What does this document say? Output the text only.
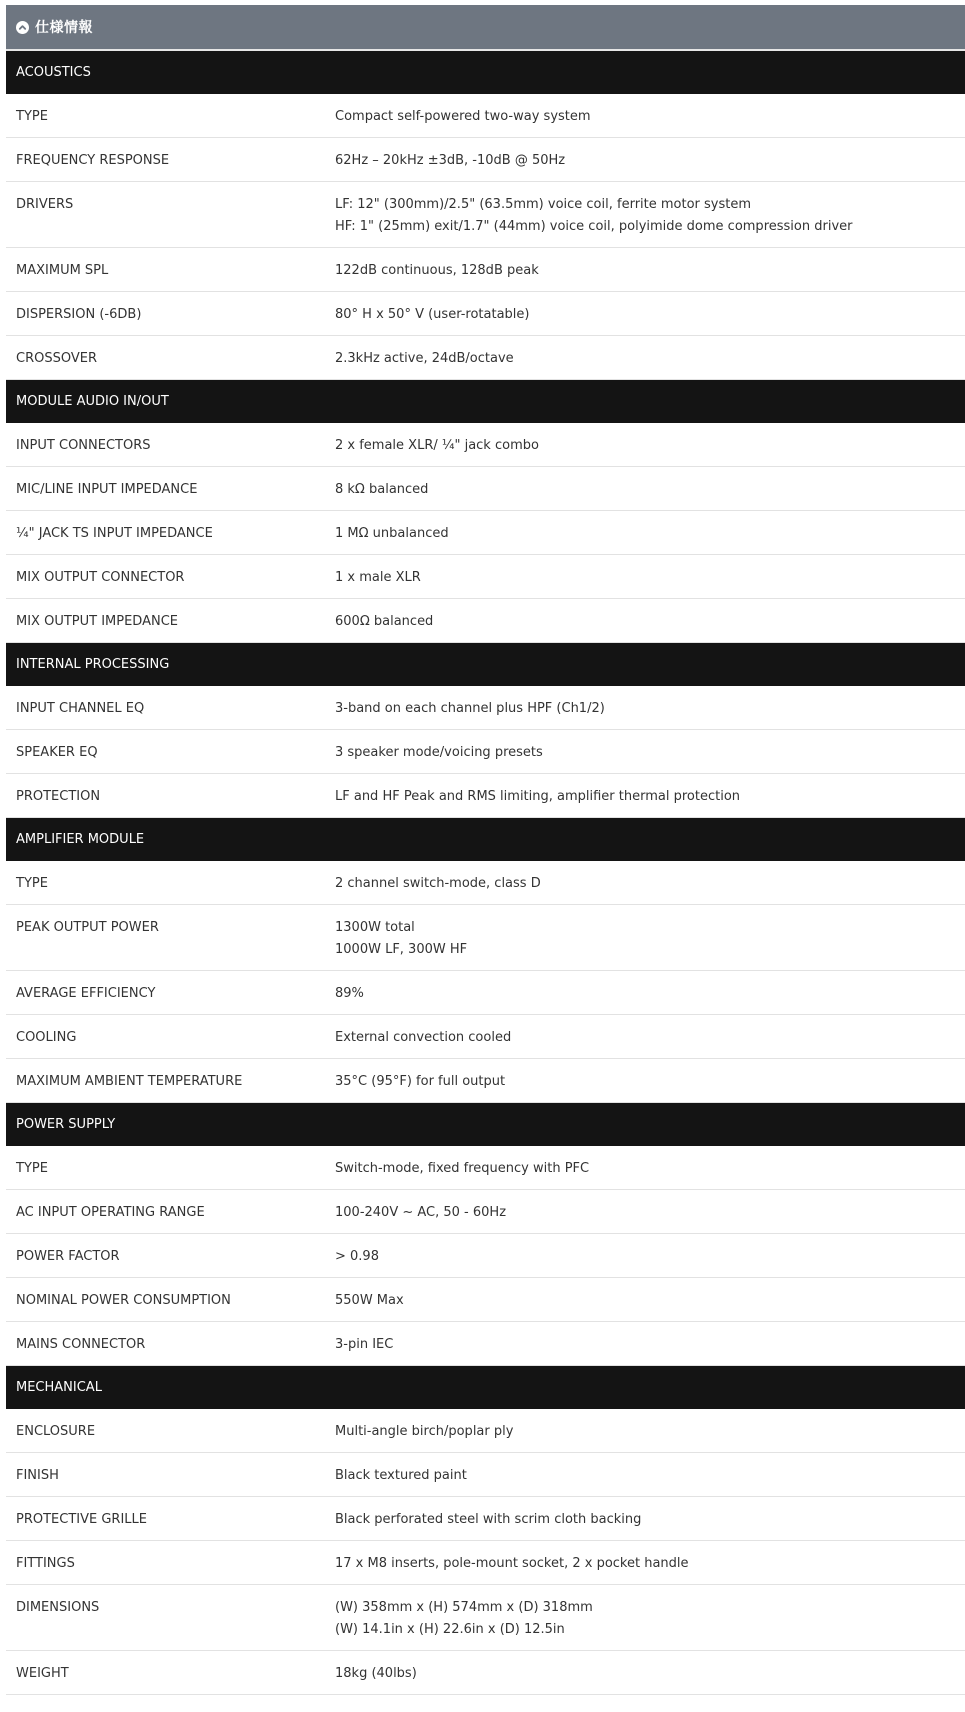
仕様情報
ACOUSTICS	
TYPE	Compact self-powered two-way system

FREQUENCY RESPONSE	62Hz – 20kHz ±3dB, -10dB @ 50Hz

DRIVERS	LF: 12" (300mm)/2.5" (63.5mm) voice coil, ferrite motor system
HF: 1" (25mm) exit/1.7" (44mm) voice coil, polyimide dome compression driver

MAXIMUM SPL	122dB continuous, 128dB peak

DISPERSION (-6DB)	80° H x 50° V (user-rotatable)

CROSSOVER	2.3kHz active, 24dB/octave

MODULE AUDIO IN/OUT	
INPUT CONNECTORS	2 x female XLR/ ¼" jack combo

MIC/LINE INPUT IMPEDANCE	8 kΩ balanced

¼" JACK TS INPUT IMPEDANCE	1 MΩ unbalanced

MIX OUTPUT CONNECTOR	1 x male XLR

MIX OUTPUT IMPEDANCE	600Ω balanced

INTERNAL PROCESSING	
INPUT CHANNEL EQ	3-band on each channel plus HPF (Ch1/2)

SPEAKER EQ	3 speaker mode/voicing presets

PROTECTION	LF and HF Peak and RMS limiting, amplifier thermal protection

AMPLIFIER MODULE	
TYPE	2 channel switch-mode, class D

PEAK OUTPUT POWER	1300W total
1000W LF, 300W HF

AVERAGE EFFICIENCY	89%

COOLING	External convection cooled

MAXIMUM AMBIENT TEMPERATURE	35°C (95°F) for full output

POWER SUPPLY	
TYPE	Switch-mode, fixed frequency with PFC

AC INPUT OPERATING RANGE	100-240V ~ AC, 50 - 60Hz

POWER FACTOR	> 0.98

NOMINAL POWER CONSUMPTION	550W Max

MAINS CONNECTOR	3-pin IEC

MECHANICAL	
ENCLOSURE	Multi-angle birch/poplar ply

FINISH	Black textured paint

PROTECTIVE GRILLE	Black perforated steel with scrim cloth backing

FITTINGS	17 x M8 inserts, pole-mount socket, 2 x pocket handle

DIMENSIONS	(W) 358mm x (H) 574mm x (D) 318mm
(W) 14.1in x (H) 22.6in x (D) 12.5in

WEIGHT	18kg (40lbs)
